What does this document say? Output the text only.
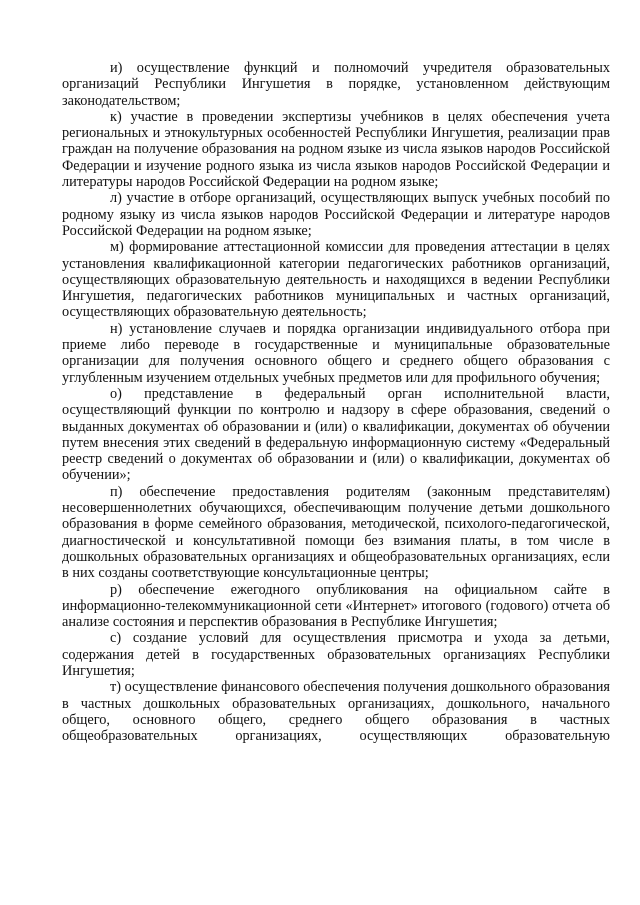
и) осуществление функций и полномочий учредителя образовательных организаций Республики Ингушетия в порядке, установленном действующим законодательством;

к) участие в проведении экспертизы учебников в целях обеспечения учета региональных и этнокультурных особенностей Республики Ингушетия, реализации прав граждан на получение образования на родном языке из числа языков народов Российской Федерации и изучение родного языка из числа языков народов Российской Федерации и литературы народов Российской Федерации на родном языке;

л) участие в отборе организаций, осуществляющих выпуск учебных пособий по родному языку из числа языков народов Российской Федерации и литературе народов Российской Федерации на родном языке;

м) формирование аттестационной комиссии для проведения аттестации в целях установления квалификационной категории педагогических работников организаций, осуществляющих образовательную деятельность и находящихся в ведении Республики Ингушетия, педагогических работников муниципальных и частных организаций, осуществляющих образовательную деятельность;

н) установление случаев и порядка организации индивидуального отбора при приеме либо переводе в государственные и муниципальные образовательные организации для получения основного общего и среднего общего образования с углубленным изучением отдельных учебных предметов или для профильного обучения;

о) представление в федеральный орган исполнительной власти, осуществляющий функции по контролю и надзору в сфере образования, сведений о выданных документах об образовании и (или) о квалификации, документах об обучении путем внесения этих сведений в федеральную информационную систему «Федеральный реестр сведений о документах об образовании и (или) о квалификации, документах об обучении»;

п) обеспечение предоставления родителям (законным представителям) несовершеннолетних обучающихся, обеспечивающим получение детьми дошкольного образования в форме семейного образования, методической, психолого-педагогической, диагностической и консультативной помощи без взимания платы, в том числе в дошкольных образовательных организациях и общеобразовательных организациях, если в них созданы соответствующие консультационные центры;

р) обеспечение ежегодного опубликования на официальном сайте в информационно-телекоммуникационной сети «Интернет» итогового (годового) отчета об анализе состояния и перспектив образования в Республике Ингушетия;

с) создание условий для осуществления присмотра и ухода за детьми, содержания детей в государственных образовательных организациях Республики Ингушетия;

т) осуществление финансового обеспечения получения дошкольного образования в частных дошкольных образовательных организациях, дошкольного, начального общего, основного общего, среднего общего образования в частных общеобразовательных организациях, осуществляющих образовательную
